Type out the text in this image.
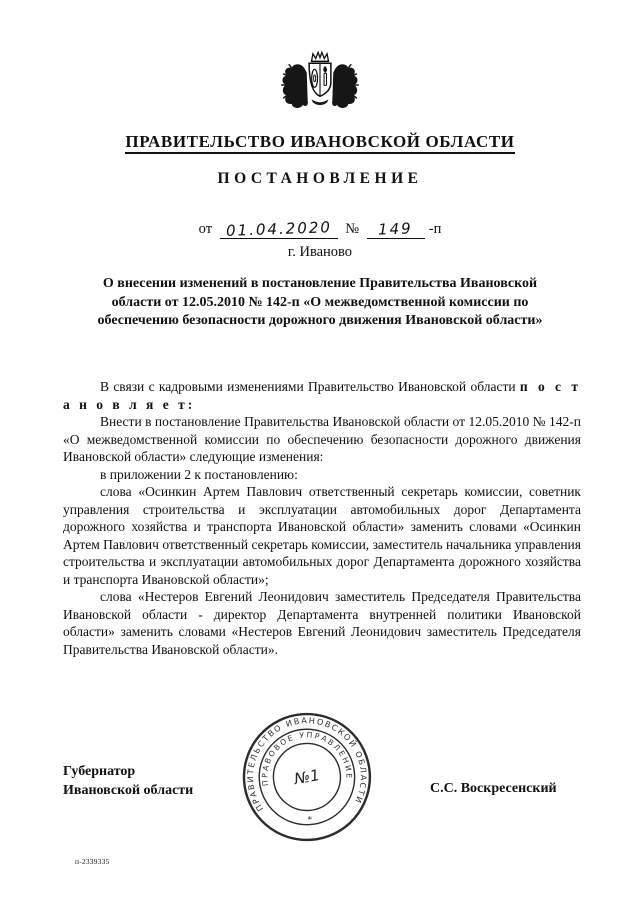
ПРАВИТЕЛЬСТВО ИВАНОВСКОЙ ОБЛАСТИ
ПОСТАНОВЛЕНИЕ
от 01.04.2020 № 149 -п
г. Иваново
О внесении изменений в постановление Правительства Ивановской области от 12.05.2010 № 142-п «О межведомственной комиссии по обеспечению безопасности дорожного движения Ивановской области»

В связи с кадровыми изменениями Правительство Ивановской области п о с т а н о в л я е т:

Внести в постановление Правительства Ивановской области от 12.05.2010 № 142-п «О межведомственной комиссии по обеспечению безопасности дорожного движения Ивановской области» следующие изменения:

в приложении 2 к постановлению:

слова «Осинкин Артем Павлович ответственный секретарь комиссии, советник управления строительства и эксплуатации автомобильных дорог Департамента дорожного хозяйства и транспорта Ивановской области» заменить словами «Осинкин Артем Павлович ответственный секретарь комиссии, заместитель начальника управления строительства и эксплуатации автомобильных дорог Департамента дорожного хозяйства и транспорта Ивановской области»;

слова «Нестеров Евгений Леонидович заместитель Председателя Правительства Ивановской области - директор Департамента внутренней политики Ивановской области» заменить словами «Нестеров Евгений Леонидович заместитель Председателя Правительства Ивановской области».

Губернатор
Ивановской области	С.С. Воскресенский
ПРАВИТЕЛЬСТВО ИВАНОВСКОЙ ОБЛАСТИ
ПРАВОВОЕ УПРАВЛЕНИЕ
*
№1
п-2339335
